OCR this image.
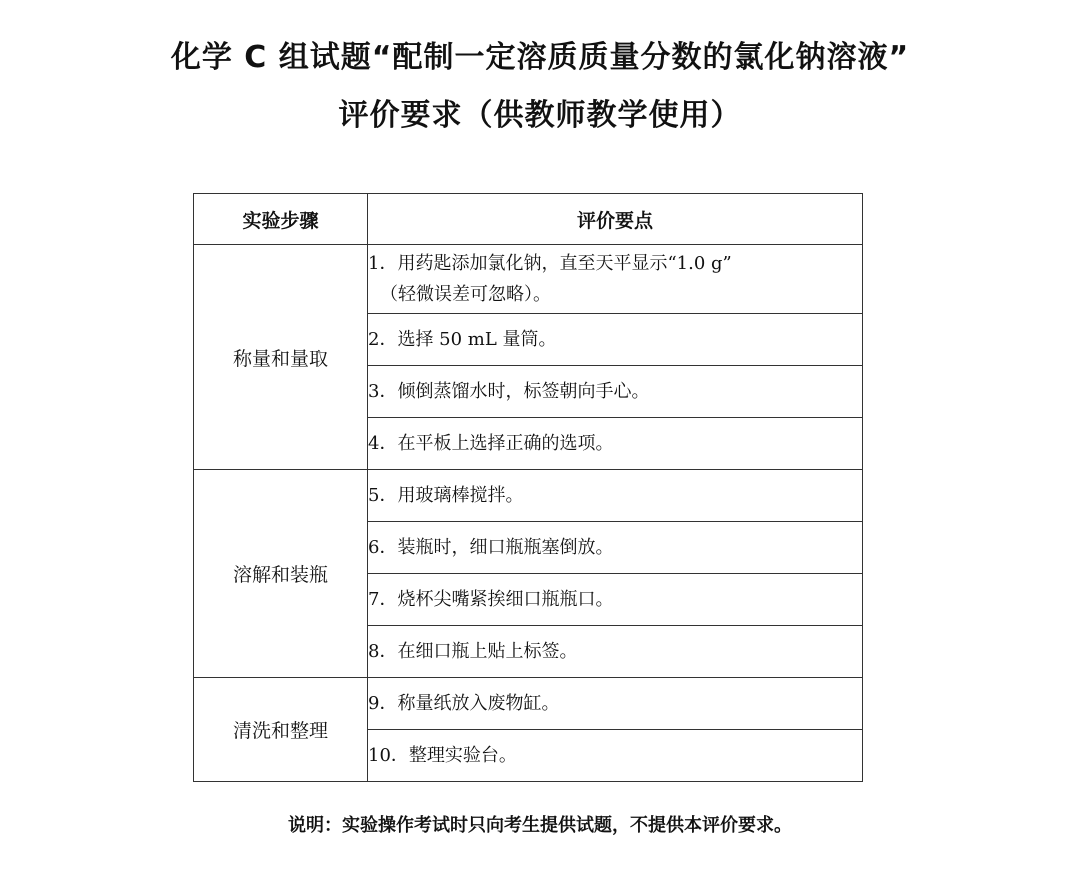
化学 C 组试题“配制一定溶质质量分数的氯化钠溶液”
评价要求（供教师教学使用）
实验步骤	评价要点
称量和量取	1．用药匙添加氯化钠，直至天平显示“1.0 g”
（轻微误差可忽略）。

	2．选择 50 mL 量筒。
	3．倾倒蒸馏水时，标签朝向手心。
	4．在平板上选择正确的选项。
溶解和装瓶	5．用玻璃棒搅拌。
	6．装瓶时，细口瓶瓶塞倒放。
	7．烧杯尖嘴紧挨细口瓶瓶口。
	8．在细口瓶上贴上标签。
清洗和整理	9．称量纸放入废物缸。
	10．整理实验台。
说明：实验操作考试时只向考生提供试题，不提供本评价要求。
